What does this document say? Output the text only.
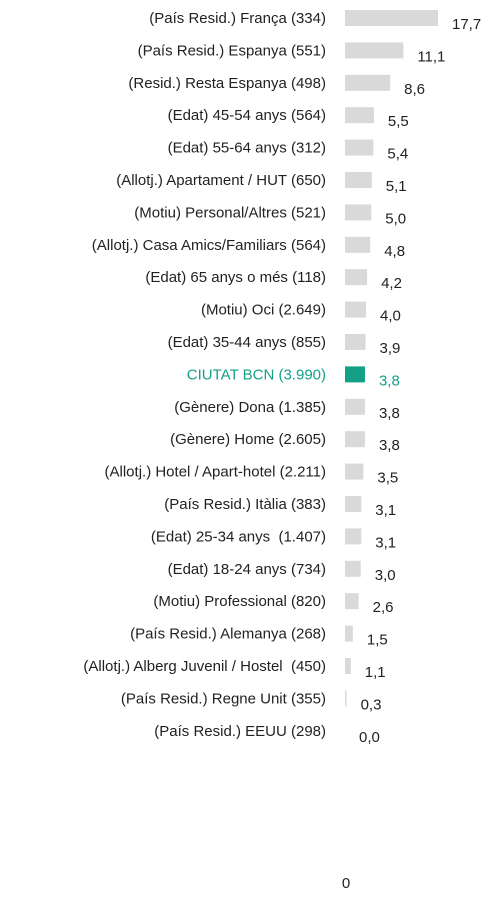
(País Resid.) França (334)
(País Resid.) Espanya (551)
(Resid.) Resta Espanya (498)
(Edat) 45-54 anys (564)
(Edat) 55-64 anys (312)
(Allotj.) Apartament / HUT (650)
(Motiu) Personal/Altres (521)
(Allotj.) Casa Amics/Familiars (564)
(Edat) 65 anys o més (118)
(Motiu) Oci (2.649)
(Edat) 35-44 anys (855)
CIUTAT BCN (3.990)
(Gènere) Dona (1.385)
(Gènere) Home (2.605)
(Allotj.) Hotel / Apart-hotel (2.211)
(País Resid.) Itàlia (383)
(Edat) 25-34 anys  (1.407)
(Edat) 18-24 anys (734)
(Motiu) Professional (820)
(País Resid.) Alemanya (268)
(Allotj.) Alberg Juvenil / Hostel  (450)
(País Resid.) Regne Unit (355)
(País Resid.) EEUU (298)
17,7
11,1
8,6
5,5
5,4
5,1
5,0
4,8
4,2
4,0
3,9
3,8
3,8
3,8
3,5
3,1
3,1
3,0
2,6
1,5
1,1
0,3
0,0
0
